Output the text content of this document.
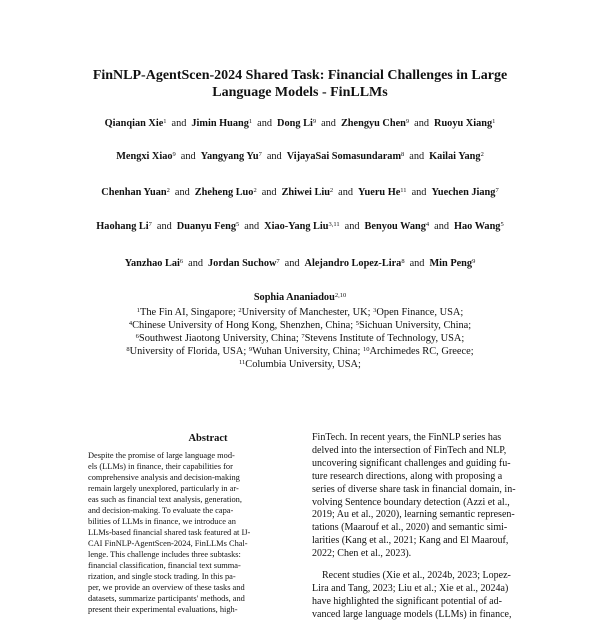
FinNLP-AgentScen-2024 Shared Task: Financial Challenges in Large
Language Models - FinLLMs
Qianqian Xie$^1$ and Jimin Huang$^1$ and Dong Li$^9$ and Zhengyu Chen$^9$ and Ruoyu Xiang$^1$
Mengxi Xiao$^9$ and Yangyang Yu$^7$ and VijayaSai Somasundaram$^8$ and Kailai Yang$^2$
Chenhan Yuan$^2$ and Zheheng Luo$^2$ and Zhiwei Liu$^2$ and Yueru He$^{11}$ and Yuechen Jiang$^7$
Haohang Li$^7$ and Duanyu Feng$^5$ and Xiao-Yang Liu$^{3,11}$ and Benyou Wang$^4$ and Hao Wang$^5$
Yanzhao Lai$^6$ and Jordan Suchow$^7$ and Alejandro Lopez-Lira$^8$ and Min Peng$^9$
Sophia Ananiadou$^{2,10}$
$^1$The Fin AI, Singapore; $^2$University of Manchester, UK; $^3$Open Finance, USA;
$^4$Chinese University of Hong Kong, Shenzhen, China; $^5$Sichuan University, China;
$^6$Southwest Jiaotong University, China; $^7$Stevens Institute of Technology, USA;
$^8$University of Florida, USA; $^9$Wuhan University, China; $^{10}$Archimedes RC, Greece;
$^{11}$Columbia University, USA;
Abstract
Despite the promise of large language mod-
els (LLMs) in finance, their capabilities for
comprehensive analysis and decision-making
remain largely unexplored, particularly in ar-
eas such as financial text analysis, generation,
and decision-making. To evaluate the capa-
bilities of LLMs in finance, we introduce an
LLMs-based financial shared task featured at IJ-
CAI FinNLP-AgentScen-2024, FinLLMs Chal-
lenge. This challenge includes three subtasks:
financial classification, financial text summa-
rization, and single stock trading. In this pa-
per, we provide an overview of these tasks and
datasets, summarize participants' methods, and
present their experimental evaluations, high-
FinTech. In recent years, the FinNLP series has
delved into the intersection of FinTech and NLP,
uncovering significant challenges and guiding fu-
ture research directions, along with proposing a
series of diverse share task in financial domain, in-
volving Sentence boundary detection (Azzi et al.,
2019; Au et al., 2020), learning semantic represen-
tations (Maarouf et al., 2020) and semantic simi-
larities (Kang et al., 2021; Kang and El Maarouf,
2022; Chen et al., 2023).
Recent studies (Xie et al., 2024b, 2023; Lopez-
Lira and Tang, 2023; Liu et al.; Xie et al., 2024a)
have highlighted the significant potential of ad-
vanced large language models (LLMs) in finance,
